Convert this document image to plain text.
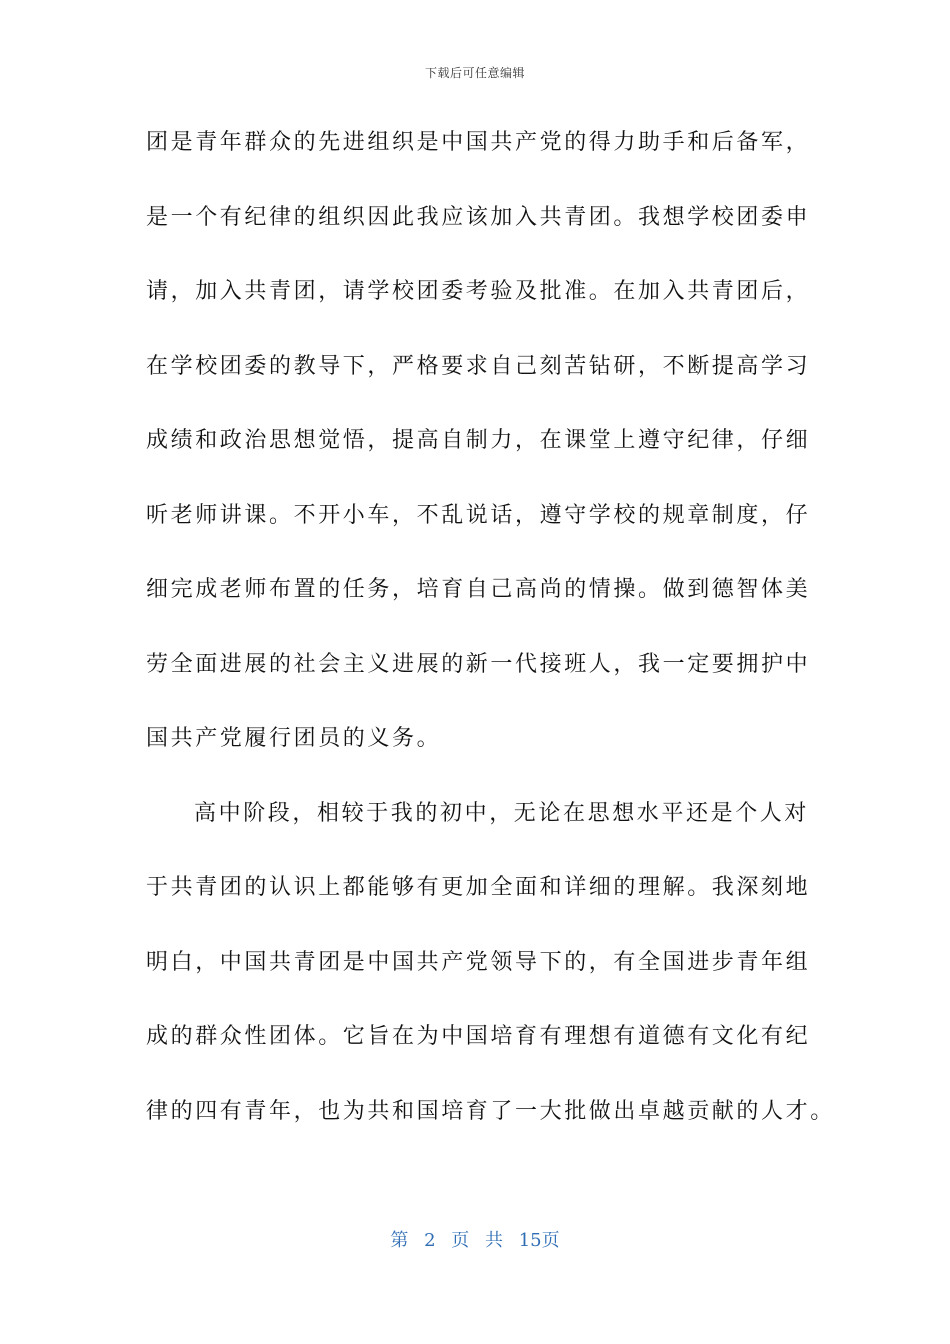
下载后可任意编辑
团是青年群众的先进组织是中国共产党的得力助手和后备军，
是一个有纪律的组织因此我应该加入共青团。我想学校团委申
请，加入共青团，请学校团委考验及批准。在加入共青团后，
在学校团委的教导下，严格要求自己刻苦钻研，不断提高学习
成绩和政治思想觉悟，提高自制力，在课堂上遵守纪律，仔细
听老师讲课。不开小车，不乱说话，遵守学校的规章制度，仔
细完成老师布置的任务，培育自己高尚的情操。做到德智体美
劳全面进展的社会主义进展的新一代接班人，我一定要拥护中
国共产党履行团员的义务。
高中阶段，相较于我的初中，无论在思想水平还是个人对
于共青团的认识上都能够有更加全面和详细的理解。我深刻地
明白，中国共青团是中国共产党领导下的，有全国进步青年组
成的群众性团体。它旨在为中国培育有理想有道德有文化有纪
律的四有青年，也为共和国培育了一大批做出卓越贡献的人才。
第 2 页 共 15页
